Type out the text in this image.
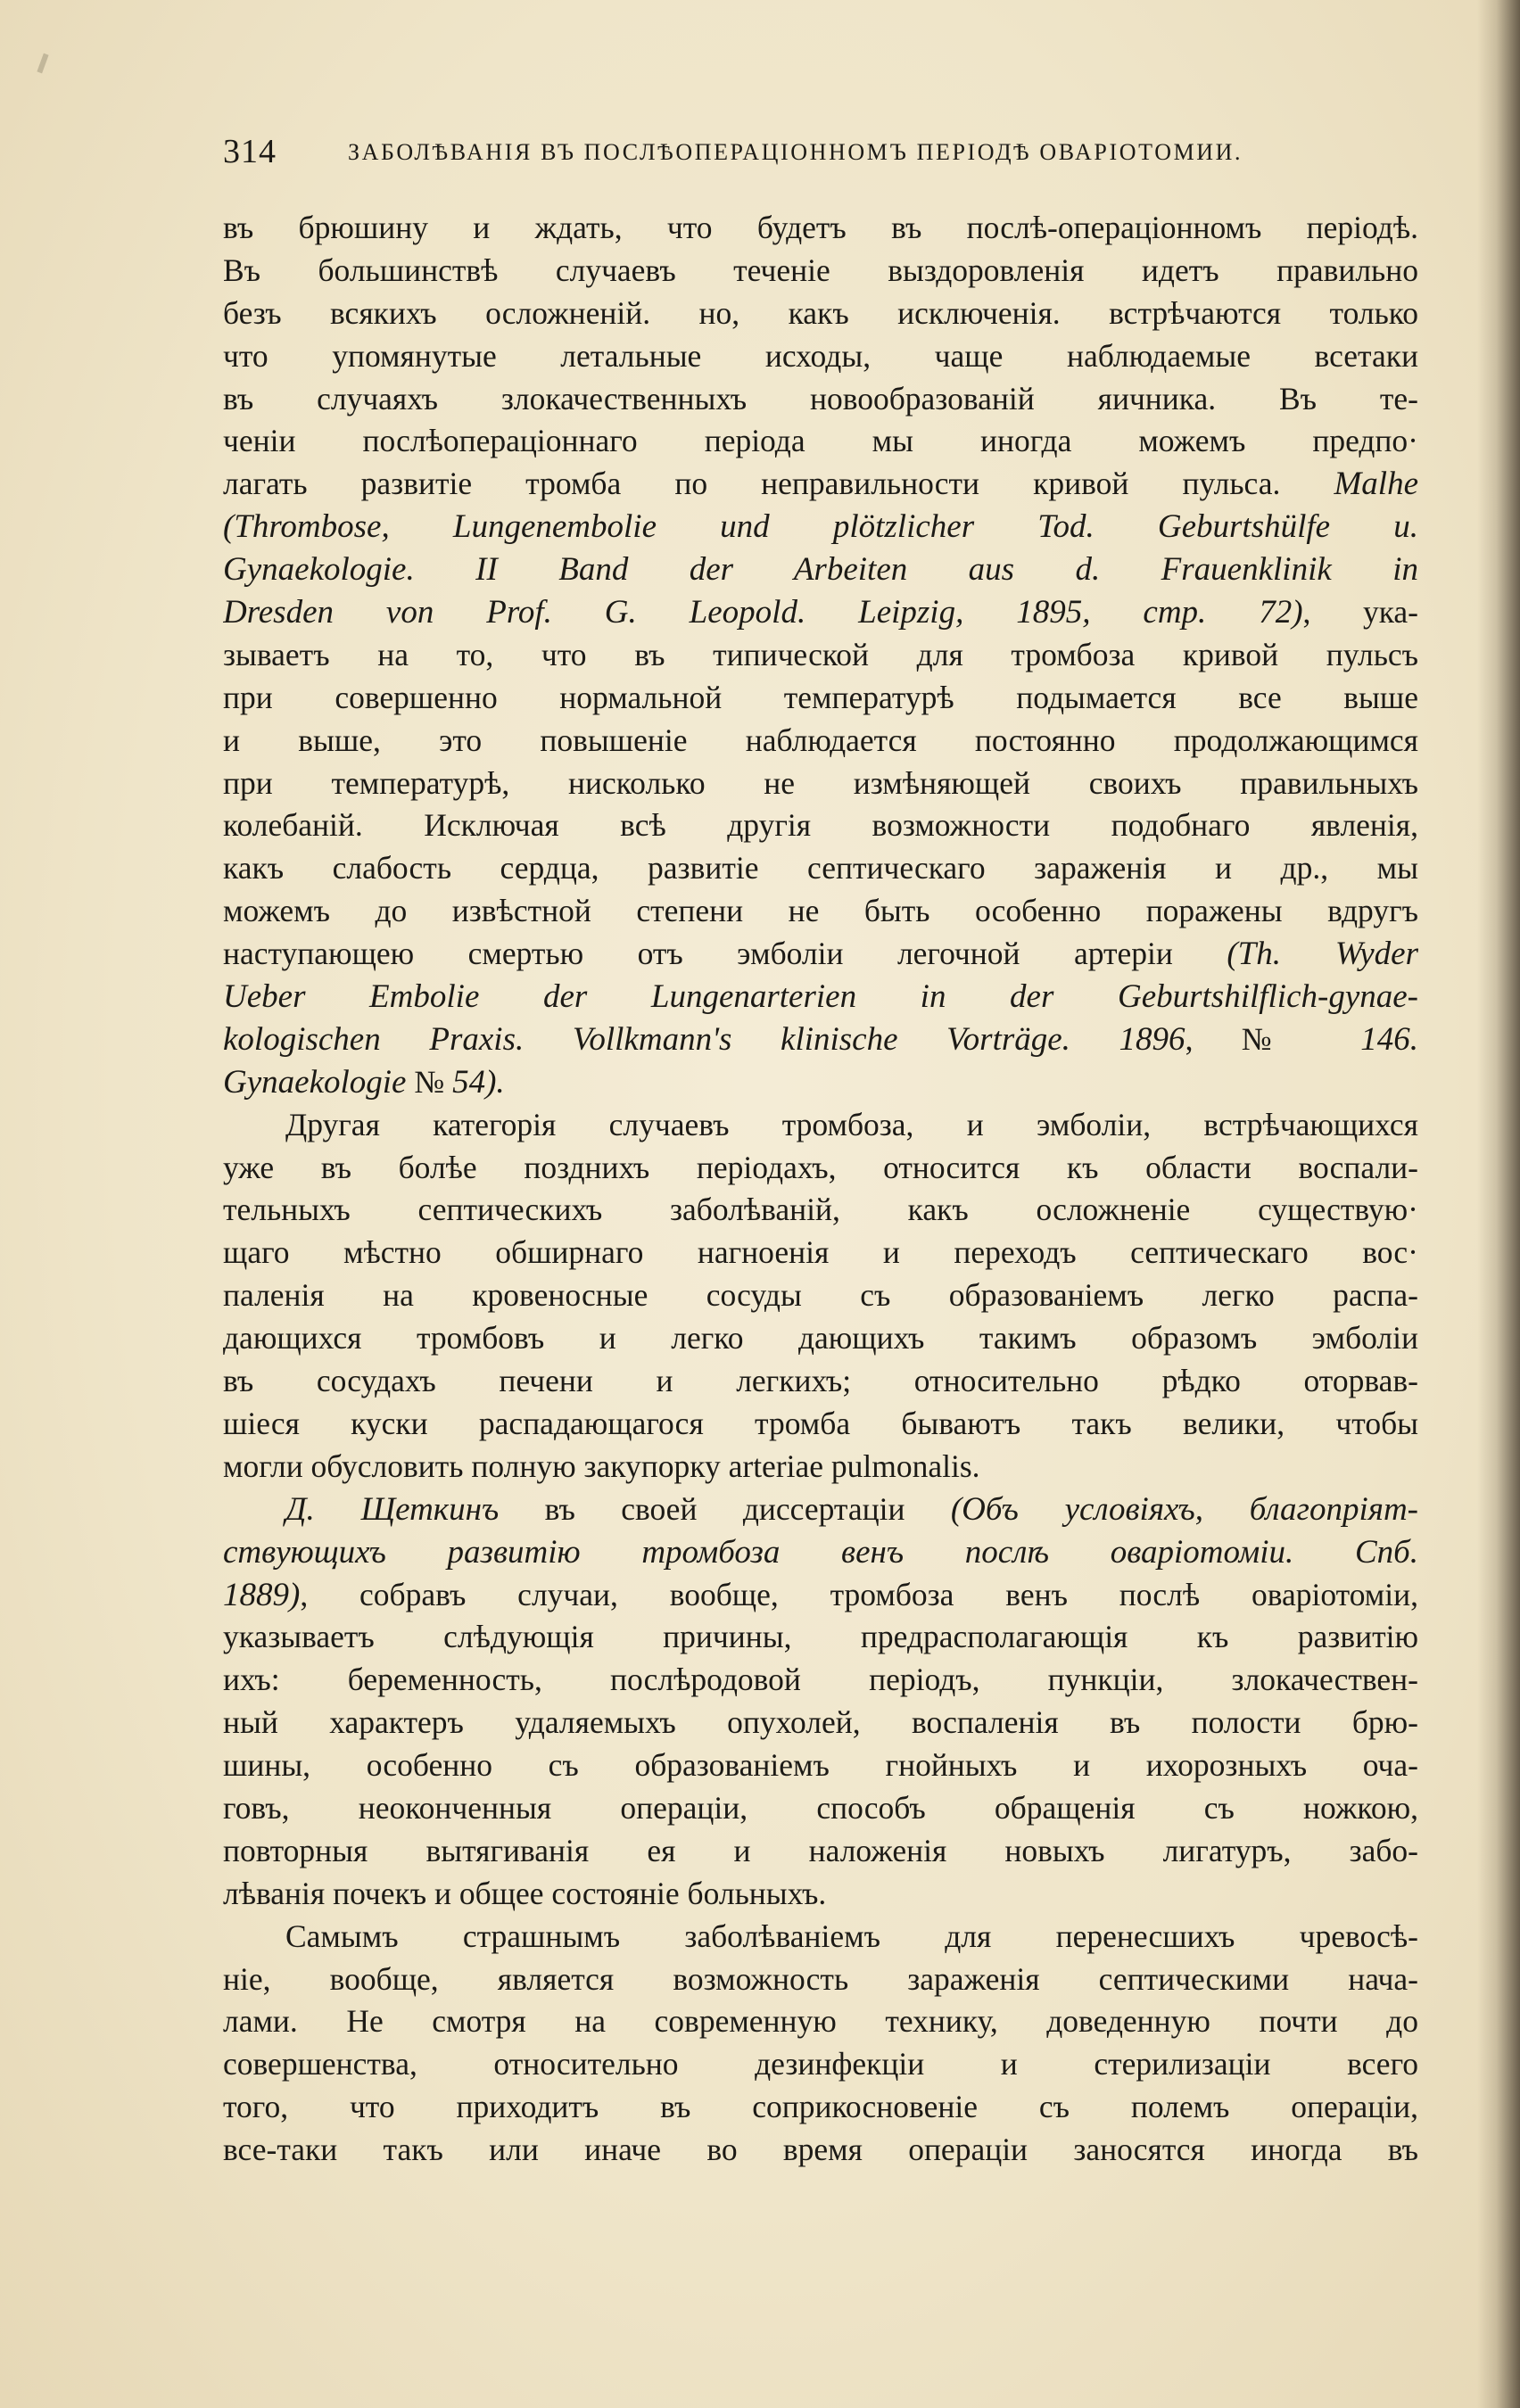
314	ЗАБОЛѢВАНІЯ ВЪ ПОСЛѢОПЕРАЦІОННОМЪ ПЕРІОДѢ ОВАРІОТОМИИ.
въ брюшину и ждать, что будетъ въ послѣ-операціонномъ періодѣ.
Въ большинствѣ случаевъ теченіе выздоровленія идетъ правильно
безъ всякихъ осложненій. но, какъ исключенія. встрѣчаются только
что упомянутые летальные исходы, чаще наблюдаемые всетаки
въ случаяхъ злокачественныхъ новообразованій яичника. Въ те-
ченіи послѣопераціоннаго періода мы иногда можемъ предпо·
лагать развитіе тромба по неправильности кривой пульса. Malhe
(Thrombose, Lungenembolie und plötzlicher Tod. Geburtshülfe u.
Gynaekologie. II Band der Arbeiten aus d. Frauenklinik in
Dresden von Prof. G. Leopold. Leipzig, 1895, стр. 72), ука-
зываетъ на то, что въ типической для тромбоза кривой пульсъ
при совершенно нормальной температурѣ подымается все выше
и выше, это повышеніе наблюдается постоянно продолжающимся
при температурѣ, нисколько не измѣняющей своихъ правильныхъ
колебаній. Исключая всѣ другія возможности подобнаго явленія,
какъ слабость сердца, развитіе септическаго зараженія и др., мы
можемъ до извѣстной степени не быть особенно поражены вдругъ
наступающею смертью отъ эмболіи легочной артеріи (Th. Wyder
Ueber Embolie der Lungenarterien in der Geburtshilflich-gynae-
kologischen Praxis. Vollkmann's klinische Vorträge. 1896, № 146.
Gynaekologie № 54).
Другая категорія случаевъ тромбоза, и эмболіи, встрѣчающихся
уже въ болѣе позднихъ періодахъ, относится къ области воспали-
тельныхъ септическихъ заболѣваній, какъ осложненіе существую·
щаго мѣстно обширнаго нагноенія и переходъ септическаго вос·
паленія на кровеносные сосуды съ образованіемъ легко распа-
дающихся тромбовъ и легко дающихъ такимъ образомъ эмболіи
въ сосудахъ печени и легкихъ; относительно рѣдко оторвав-
шіеся куски распадающагося тромба бываютъ такъ велики, чтобы
могли обусловить полную закупорку arteriae pulmonalis.
Д. Щеткинъ въ своей диссертаціи (Объ условіяхъ, благопріят-
ствующихъ развитію тромбоза венъ послѣ оваріотоміи. Спб.
1889), собравъ случаи, вообще, тромбоза венъ послѣ оваріотоміи,
указываетъ слѣдующія причины, предрасполагающія къ развитію
ихъ: беременность, послѣродовой періодъ, пункціи, злокачествен-
ный характеръ удаляемыхъ опухолей, воспаленія въ полости брю-
шины, особенно съ образованіемъ гнойныхъ и ихорозныхъ оча-
говъ, неоконченныя операціи, способъ обращенія съ ножкою,
повторныя вытягиванія ея и наложенія новыхъ лигатуръ, забо-
лѣванія почекъ и общее состояніе больныхъ.
Самымъ страшнымъ заболѣваніемъ для перенесшихъ чревосѣ-
ніе, вообще, является возможность зараженія септическими нача-
лами. Не смотря на современную технику, доведенную почти до
совершенства, относительно дезинфекціи и стерилизаціи всего
того, что приходитъ въ соприкосновеніе съ полемъ операціи,
все-таки такъ или иначе во время операціи заносятся иногда въ
